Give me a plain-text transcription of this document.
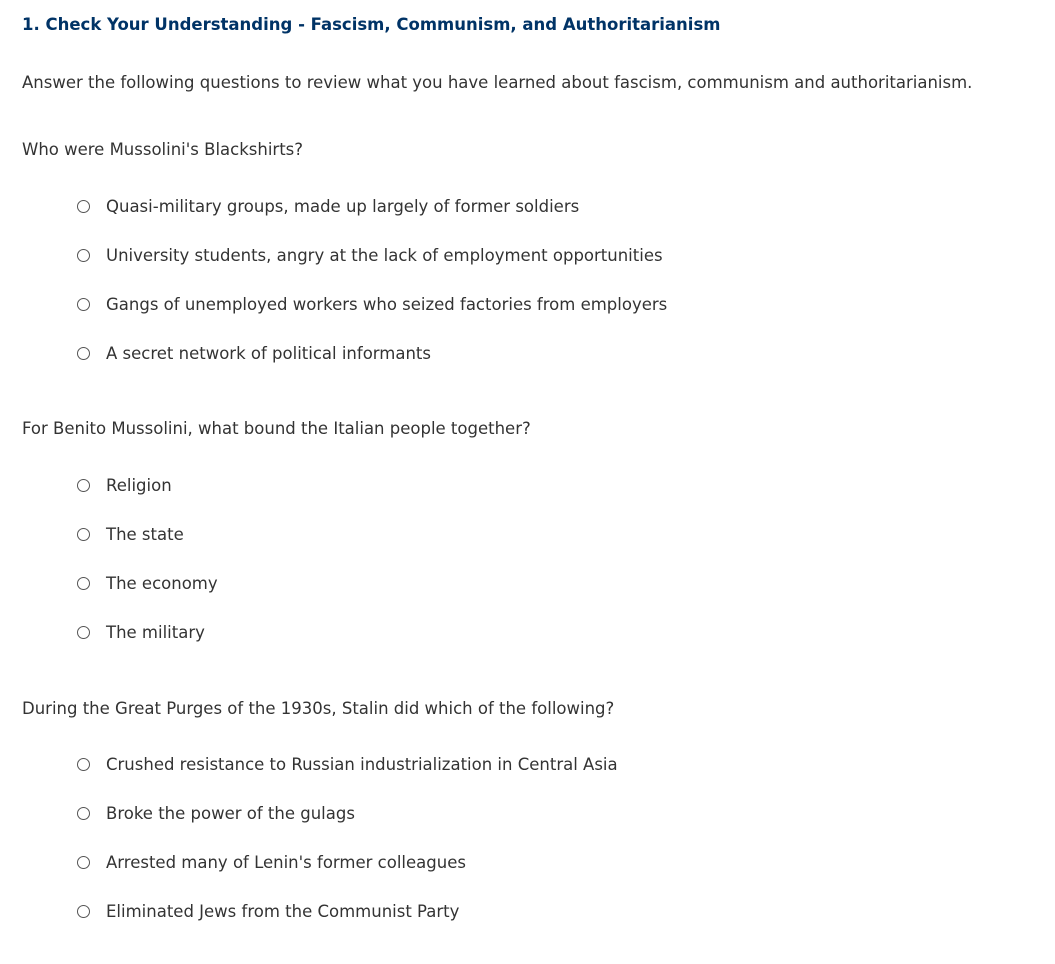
1. Check Your Understanding - Fascism, Communism, and Authoritarianism

Answer the following questions to review what you have learned about fascism, communism and authoritarianism.

Who were Mussolini's Blackshirts?

Quasi-military groups, made up largely of former soldiers
University students, angry at the lack of employment opportunities
Gangs of unemployed workers who seized factories from employers
A secret network of political informants

For Benito Mussolini, what bound the Italian people together?

Religion
The state
The economy
The military

During the Great Purges of the 1930s, Stalin did which of the following?

Crushed resistance to Russian industrialization in Central Asia
Broke the power of the gulags
Arrested many of Lenin's former colleagues
Eliminated Jews from the Communist Party
